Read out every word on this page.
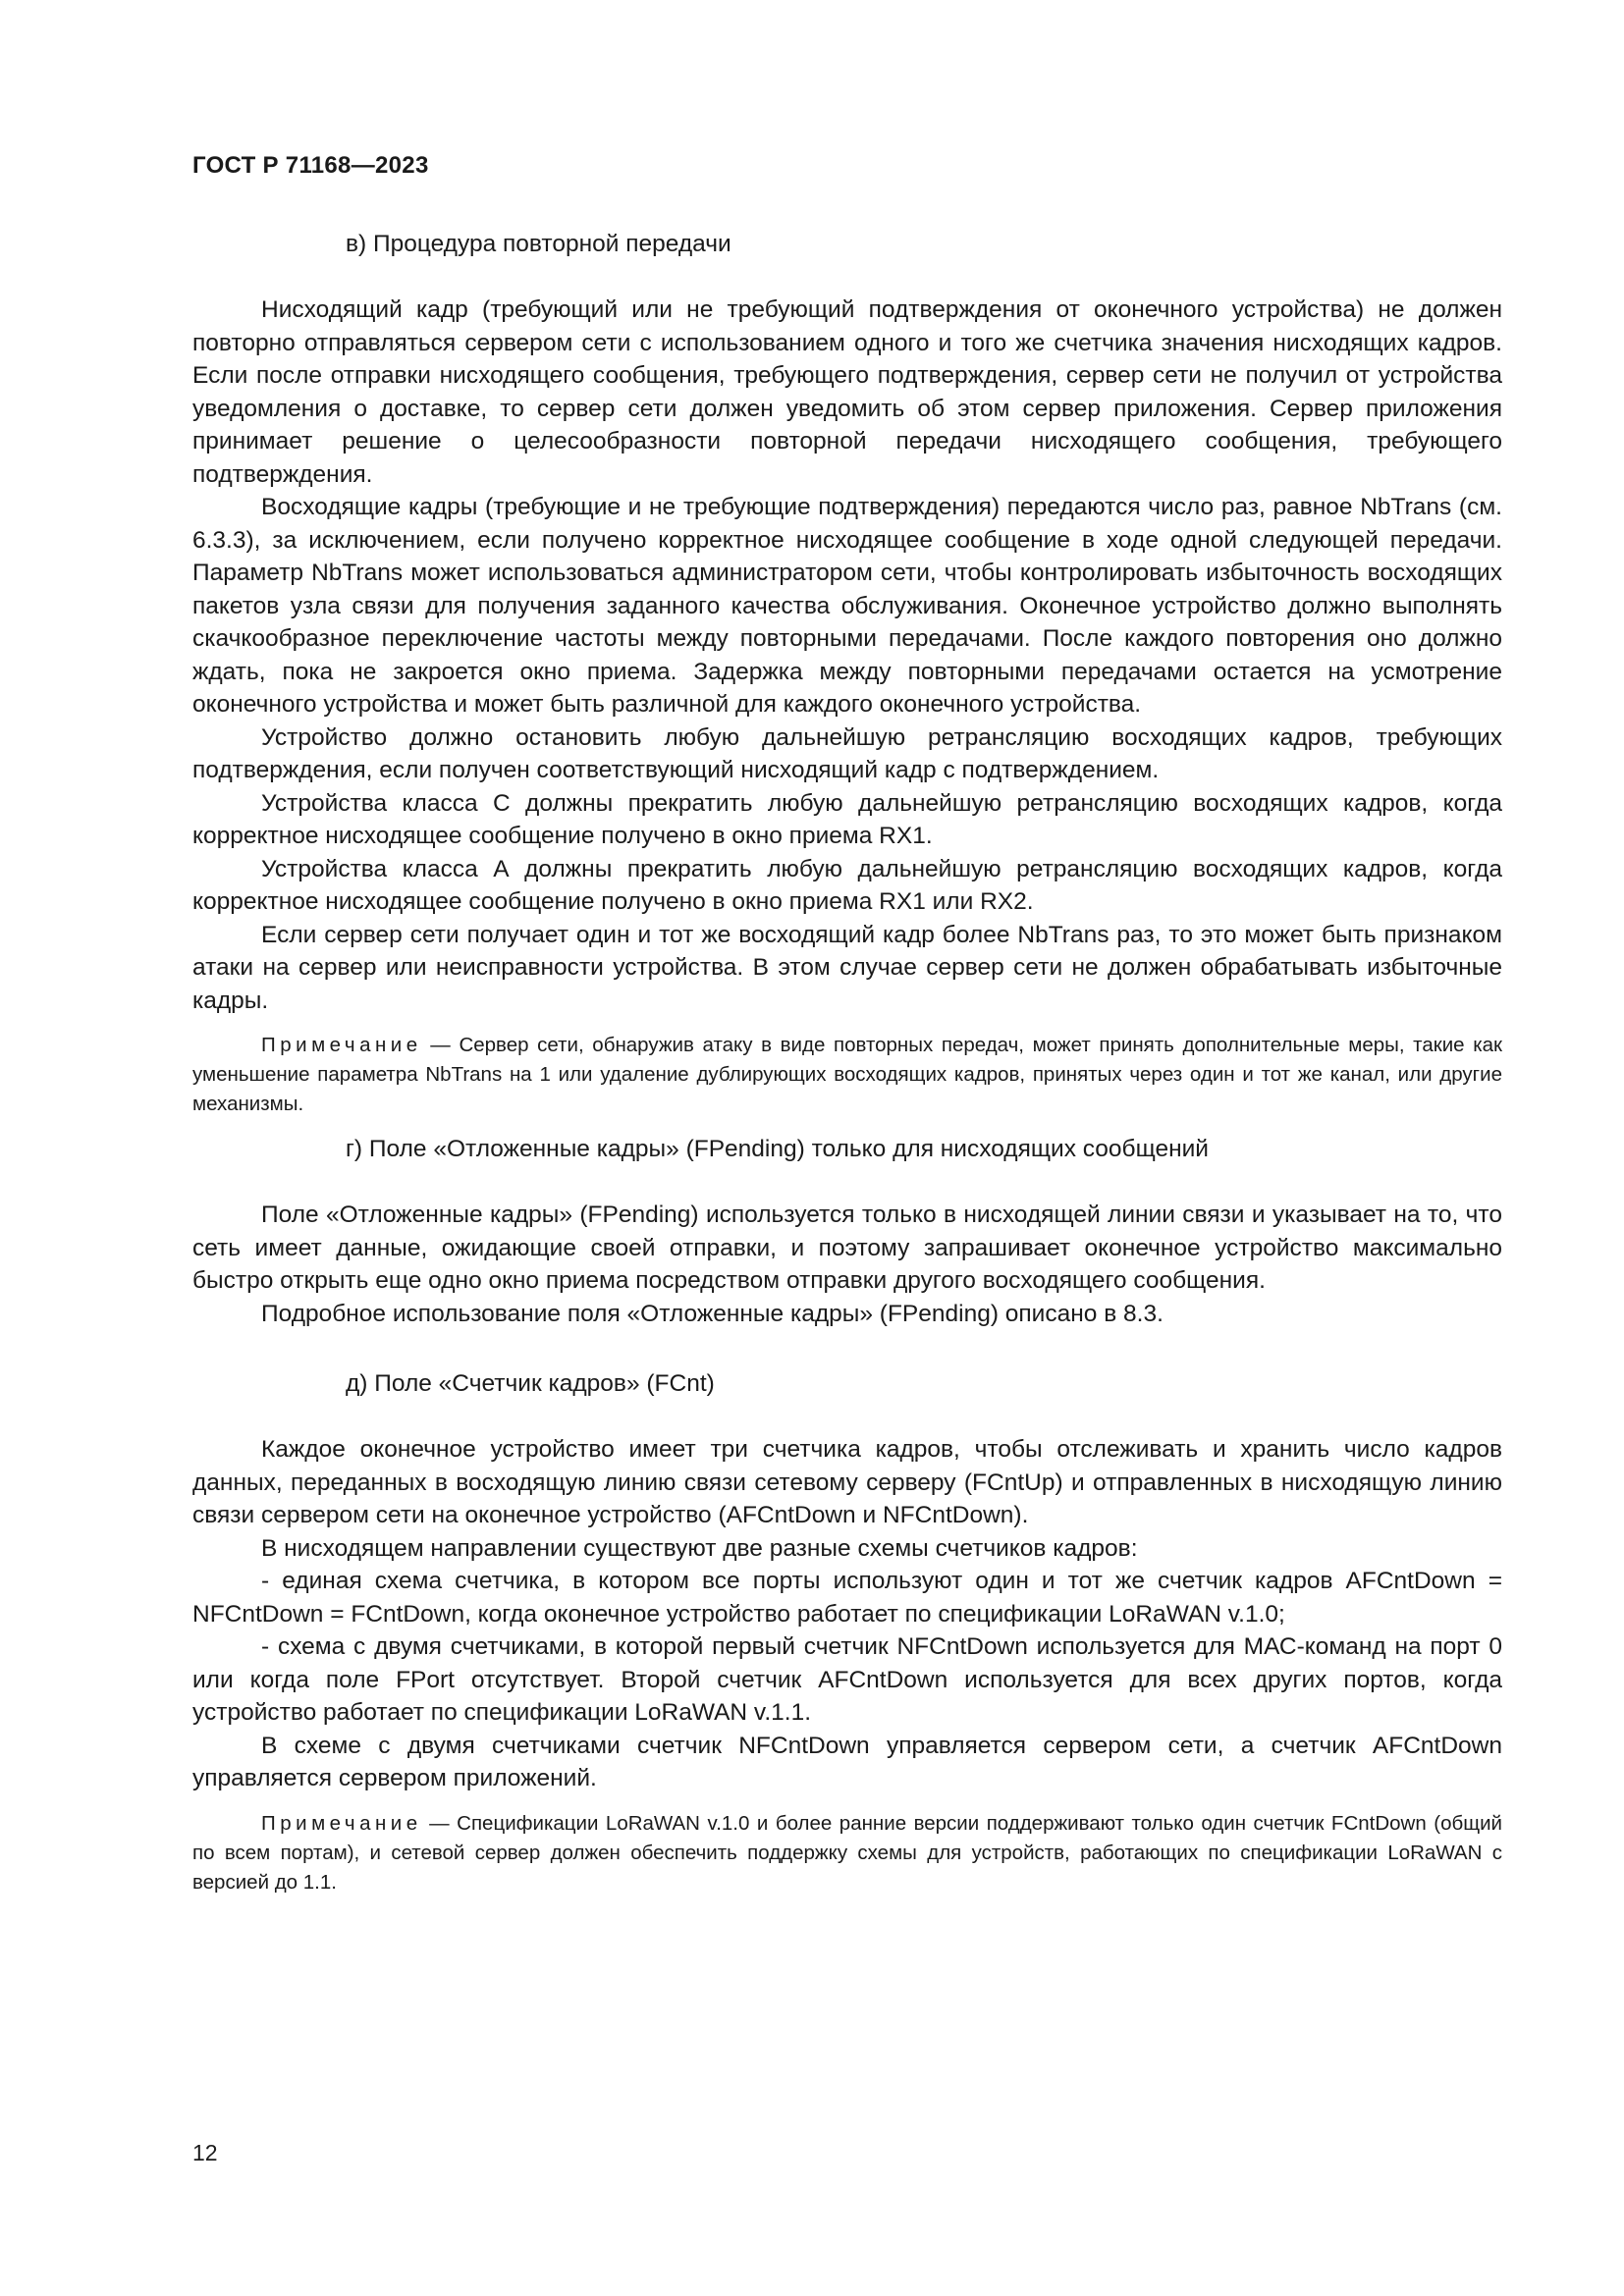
ГОСТ Р 71168—2023
в) Процедура повторной передачи

Нисходящий кадр (требующий или не требующий подтверждения от оконечного устройства) не должен повторно отправляться сервером сети с использованием одного и того же счетчика значения нисходящих кадров. Если после отправки нисходящего сообщения, требующего подтверждения, сервер сети не получил от устройства уведомления о доставке, то сервер сети должен уведомить об этом сервер приложения. Сервер приложения принимает решение о целесообразности повторной передачи нисходящего сообщения, требующего подтверждения.

Восходящие кадры (требующие и не требующие подтверждения) передаются число раз, равное NbTrans (см. 6.3.3), за исключением, если получено корректное нисходящее сообщение в ходе одной следующей передачи. Параметр NbTrans может использоваться администратором сети, чтобы контролировать избыточность восходящих пакетов узла связи для получения заданного качества обслуживания. Оконечное устройство должно выполнять скачкообразное переключение частоты между повторными передачами. После каждого повторения оно должно ждать, пока не закроется окно приема. Задержка между повторными передачами остается на усмотрение оконечного устройства и может быть различной для каждого оконечного устройства.

Устройство должно остановить любую дальнейшую ретрансляцию восходящих кадров, требующих подтверждения, если получен соответствующий нисходящий кадр с подтверждением.

Устройства класса С должны прекратить любую дальнейшую ретрансляцию восходящих кадров, когда корректное нисходящее сообщение получено в окно приема RX1.

Устройства класса А должны прекратить любую дальнейшую ретрансляцию восходящих кадров, когда корректное нисходящее сообщение получено в окно приема RX1 или RX2.

Если сервер сети получает один и тот же восходящий кадр более NbTrans раз, то это может быть признаком атаки на сервер или неисправности устройства. В этом случае сервер сети не должен обрабатывать избыточные кадры.

Примечание — Сервер сети, обнаружив атаку в виде повторных передач, может принять дополнительные меры, такие как уменьшение параметра NbTrans на 1 или удаление дублирующих восходящих кадров, принятых через один и тот же канал, или другие механизмы.

г) Поле «Отложенные кадры» (FPending) только для нисходящих сообщений

Поле «Отложенные кадры» (FPending) используется только в нисходящей линии связи и указывает на то, что сеть имеет данные, ожидающие своей отправки, и поэтому запрашивает оконечное устройство максимально быстро открыть еще одно окно приема посредством отправки другого восходящего сообщения.

Подробное использование поля «Отложенные кадры» (FPending) описано в 8.3.

д) Поле «Счетчик кадров» (FCnt)

Каждое оконечное устройство имеет три счетчика кадров, чтобы отслеживать и хранить число кадров данных, переданных в восходящую линию связи сетевому серверу (FCntUp) и отправленных в нисходящую линию связи сервером сети на оконечное устройство (AFCntDown и NFCntDown).

В нисходящем направлении существуют две разные схемы счетчиков кадров:

- единая схема счетчика, в котором все порты используют один и тот же счетчик кадров AFCntDown = NFCntDown = FCntDown, когда оконечное устройство работает по спецификации LoRaWAN v.1.0;

- схема с двумя счетчиками, в которой первый счетчик NFCntDown используется для МАС-команд на порт 0 или когда поле FPort отсутствует. Второй счетчик AFCntDown используется для всех других портов, когда устройство работает по спецификации LoRaWAN v.1.1.

В схеме с двумя счетчиками счетчик NFCntDown управляется сервером сети, а счетчик AFCntDown управляется сервером приложений.

Примечание — Спецификации LoRaWAN v.1.0 и более ранние версии поддерживают только один счетчик FCntDown (общий по всем портам), и сетевой сервер должен обеспечить поддержку схемы для устройств, работающих по спецификации LoRaWAN с версией до 1.1.

12
